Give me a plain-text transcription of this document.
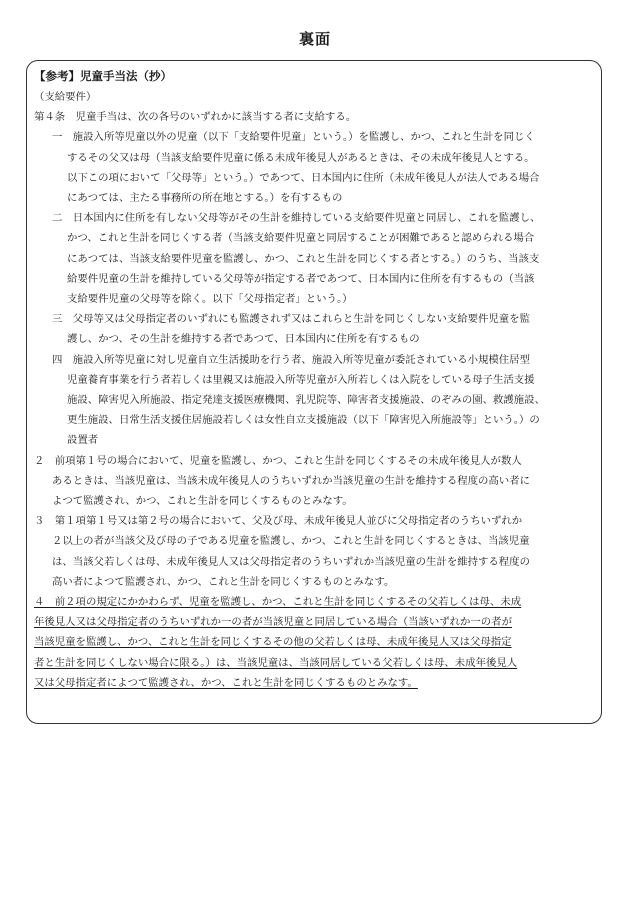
裏面

【参考】児童手当法（抄）

（支給要件）

第４条　児童手当は、次の各号のいずれかに該当する者に支給する。

一　施設入所等児童以外の児童（以下「支給要件児童」という。）を監護し、かつ、これと生計を同じく

するその父又は母（当該支給要件児童に係る未成年後見人があるときは、その未成年後見人とする。

以下この項において「父母等」という。）であつて、日本国内に住所（未成年後見人が法人である場合

にあつては、主たる事務所の所在地とする。）を有するもの

二　日本国内に住所を有しない父母等がその生計を維持している支給要件児童と同居し、これを監護し、

かつ、これと生計を同じくする者（当該支給要件児童と同居することが困難であると認められる場合

にあつては、当該支給要件児童を監護し、かつ、これと生計を同じくする者とする。）のうち、当該支

給要件児童の生計を維持している父母等が指定する者であつて、日本国内に住所を有するもの（当該

支給要件児童の父母等を除く。以下「父母指定者」という。）

三　父母等又は父母指定者のいずれにも監護されず又はこれらと生計を同じくしない支給要件児童を監

護し、かつ、その生計を維持する者であつて、日本国内に住所を有するもの

四　施設入所等児童に対し児童自立生活援助を行う者、施設入所等児童が委託されている小規模住居型

児童養育事業を行う者若しくは里親又は施設入所等児童が入所若しくは入院をしている母子生活支援

施設、障害児入所施設、指定発達支援医療機関、乳児院等、障害者支援施設、のぞみの園、救護施設、

更生施設、日常生活支援住居施設若しくは女性自立支援施設（以下「障害児入所施設等」という。）の

設置者

２　前項第１号の場合において、児童を監護し、かつ、これと生計を同じくするその未成年後見人が数人

あるときは、当該児童は、当該未成年後見人のうちいずれか当該児童の生計を維持する程度の高い者に

よつて監護され、かつ、これと生計を同じくするものとみなす。

３　第１項第１号又は第２号の場合において、父及び母、未成年後見人並びに父母指定者のうちいずれか

２以上の者が当該父及び母の子である児童を監護し、かつ、これと生計を同じくするときは、当該児童

は、当該父若しくは母、未成年後見人又は父母指定者のうちいずれか当該児童の生計を維持する程度の

高い者によつて監護され、かつ、これと生計を同じくするものとみなす。

４　前２項の規定にかかわらず、児童を監護し、かつ、これと生計を同じくするその父若しくは母、未成

年後見人又は父母指定者のうちいずれか一の者が当該児童と同居している場合（当該いずれか一の者が

当該児童を監護し、かつ、これと生計を同じくするその他の父若しくは母、未成年後見人又は父母指定

者と生計を同じくしない場合に限る。）は、当該児童は、当該同居している父若しくは母、未成年後見人

又は父母指定者によつて監護され、かつ、これと生計を同じくするものとみなす。
